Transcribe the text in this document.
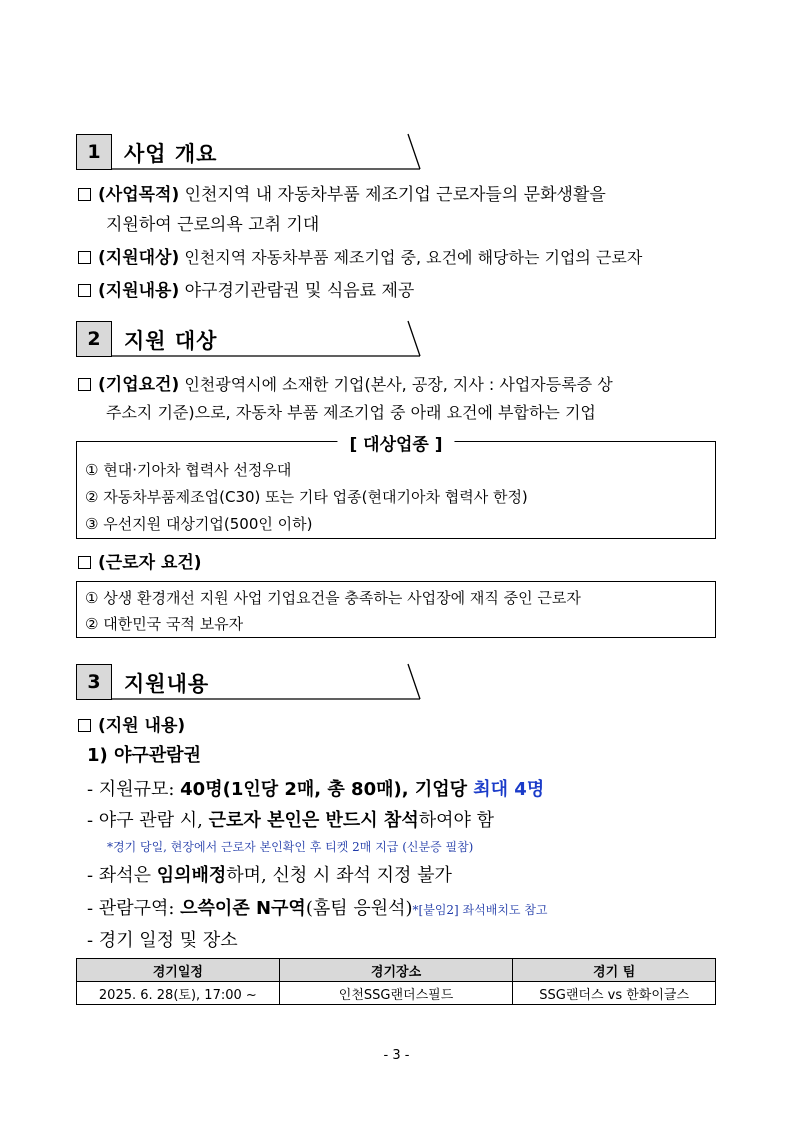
1	사업 개요
(사업목적) 인천지역 내 자동차부품 제조기업 근로자들의 문화생활을
지원하여 근로의욕 고취 기대
(지원대상) 인천지역 자동차부품 제조기업 중, 요건에 해당하는 기업의 근로자
(지원내용) 야구경기관람권 및 식음료 제공
2	지원 대상
(기업요건) 인천광역시에 소재한 기업(본사, 공장, 지사 : 사업자등록증 상
주소지 기준)으로, 자동차 부품 제조기업 중 아래 요건에 부합하는 기업
[ 대상업종 ]
① 현대·기아차 협력사 선정우대
② 자동차부품제조업(C30) 또는 기타 업종(현대기아차 협력사 한정)
③ 우선지원 대상기업(500인 이하)
(근로자 요건)
① 상생 환경개선 지원 사업 기업요건을 충족하는 사업장에 재직 중인 근로자
② 대한민국 국적 보유자
3	지원내용
(지원 내용)
1) 야구관람권
- 지원규모: 40명(1인당 2매, 총 80매), 기업당 최대 4명
- 야구 관람 시, 근로자 본인은 반드시 참석하여야 함
*경기 당일, 현장에서 근로자 본인확인 후 티켓 2매 지급 (신분증 필참)
- 좌석은 임의배정하며, 신청 시 좌석 지정 불가
- 관람구역: 으쓱이존 N구역(홈팀 응원석)*[붙임2] 좌석배치도 참고
- 경기 일정 및 장소
경기일정	경기장소	경기 팀
2025. 6. 28(토), 17:00 ~	인천SSG랜더스필드	SSG랜더스 vs 한화이글스
- 3 -
